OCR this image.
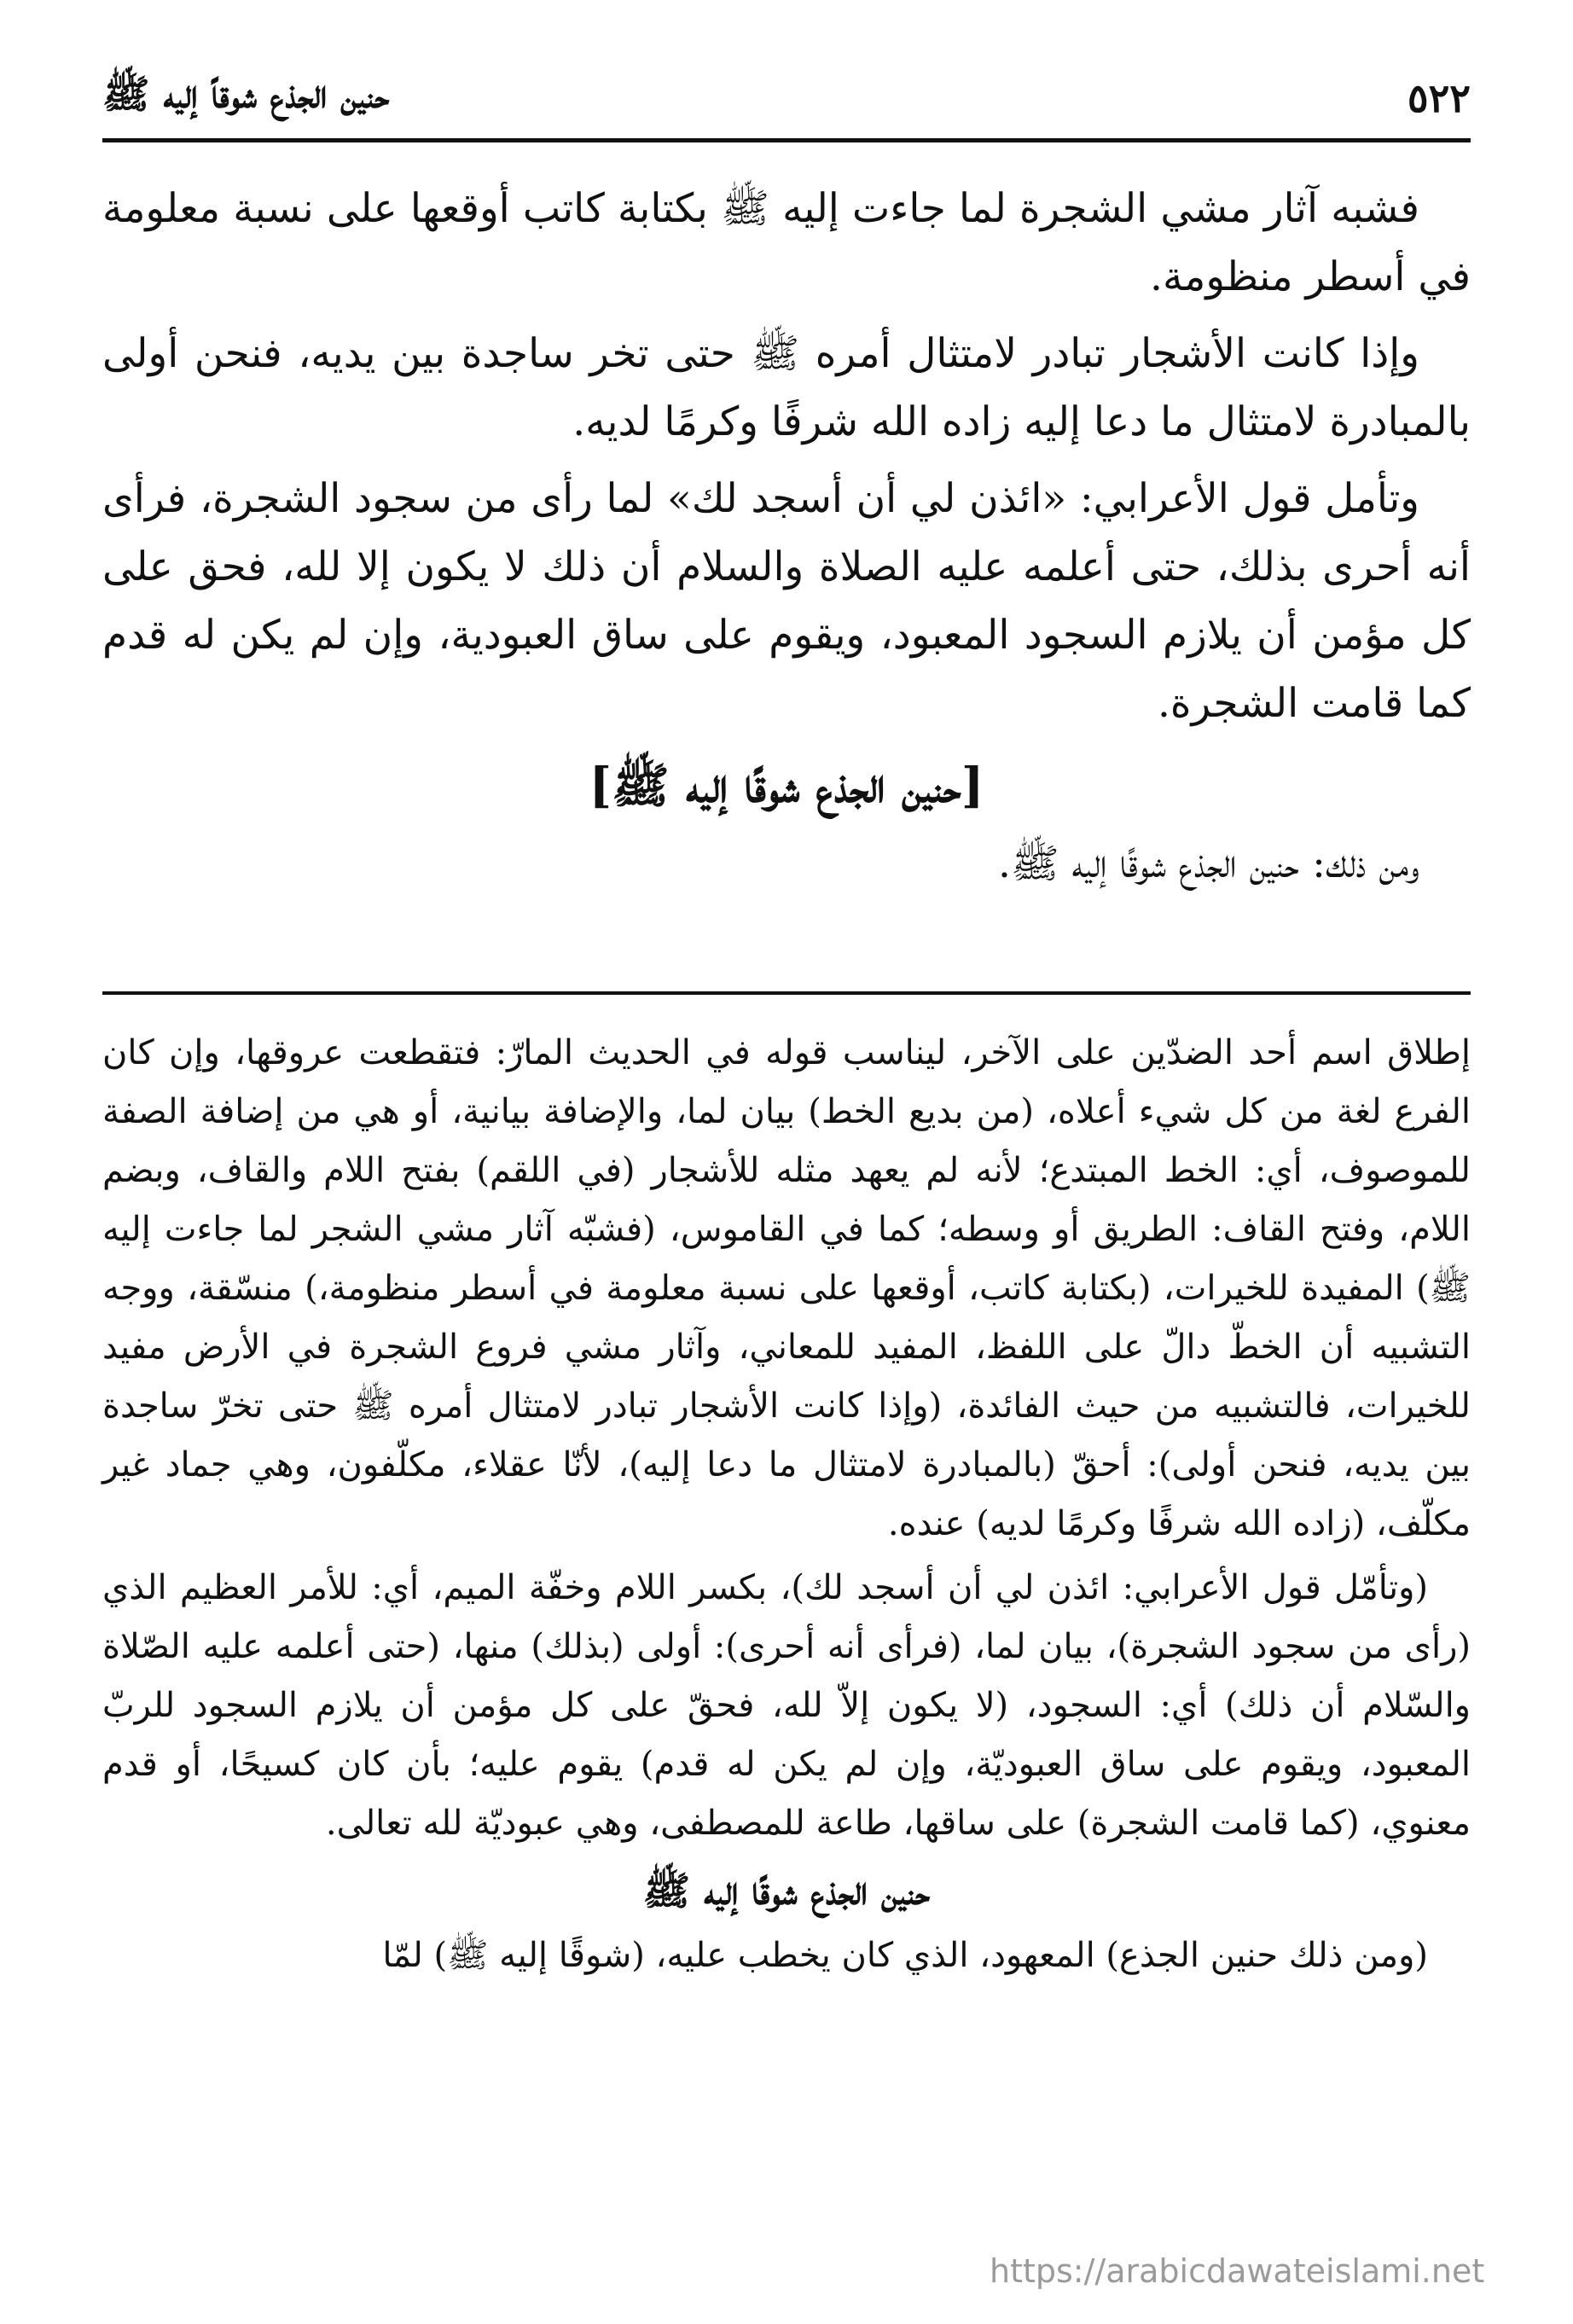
٥٢٢
حنين الجذع شوقاً إليه ﷺ

فشبه آثار مشي الشجرة لما جاءت إليه ﷺ بكتابة كاتب أوقعها على نسبة معلومة في أسطر منظومة.

وإذا كانت الأشجار تبادر لامتثال أمره ﷺ حتى تخر ساجدة بين يديه، فنحن أولى بالمبادرة لامتثال ما دعا إليه زاده الله شرفًا وكرمًا لديه.

وتأمل قول الأعرابي: «ائذن لي أن أسجد لك» لما رأى من سجود الشجرة، فرأى أنه أحرى بذلك، حتى أعلمه عليه الصلاة والسلام أن ذلك لا يكون إلا لله، فحق على كل مؤمن أن يلازم السجود المعبود، ويقوم على ساق العبودية، وإن لم يكن له قدم كما قامت الشجرة.

[حنين الجذع شوقًا إليه ﷺ]

ومن ذلك: حنين الجذع شوقًا إليه ﷺ.

إطلاق اسم أحد الضدّين على الآخر، ليناسب قوله في الحديث المارّ: فتقطعت عروقها، وإن كان الفرع لغة من كل شيء أعلاه، (من بديع الخط) بيان لما، والإضافة بيانية، أو هي من إضافة الصفة للموصوف، أي: الخط المبتدع؛ لأنه لم يعهد مثله للأشجار (في اللقم) بفتح اللام والقاف، وبضم اللام، وفتح القاف: الطريق أو وسطه؛ كما في القاموس، (فشبّه آثار مشي الشجر لما جاءت إليه ﷺ) المفيدة للخيرات، (بكتابة كاتب، أوقعها على نسبة معلومة في أسطر منظومة،) منسّقة، ووجه التشبيه أن الخطّ دالّ على اللفظ، المفيد للمعاني، وآثار مشي فروع الشجرة في الأرض مفيد للخيرات، فالتشبيه من حيث الفائدة، (وإذا كانت الأشجار تبادر لامتثال أمره ﷺ حتى تخرّ ساجدة بين يديه، فنحن أولى): أحقّ (بالمبادرة لامتثال ما دعا إليه)، لأنّا عقلاء، مكلّفون، وهي جماد غير مكلّف، (زاده الله شرفًا وكرمًا لديه) عنده.

(وتأمّل قول الأعرابي: ائذن لي أن أسجد لك)، بكسر اللام وخفّة الميم، أي: للأمر العظيم الذي (رأى من سجود الشجرة)، بيان لما، (فرأى أنه أحرى): أولى (بذلك) منها، (حتى أعلمه عليه الصّلاة والسّلام أن ذلك) أي: السجود، (لا يكون إلاّ لله، فحقّ على كل مؤمن أن يلازم السجود للربّ المعبود، ويقوم على ساق العبوديّة، وإن لم يكن له قدم) يقوم عليه؛ بأن كان كسيحًا، أو قدم معنوي، (كما قامت الشجرة) على ساقها، طاعة للمصطفى، وهي عبوديّة لله تعالى.

حنين الجذع شوقًا إليه ﷺ

(ومن ذلك حنين الجذع) المعهود، الذي كان يخطب عليه، (شوقًا إليه ﷺ) لمّا

https://arabicdawateislami.net
